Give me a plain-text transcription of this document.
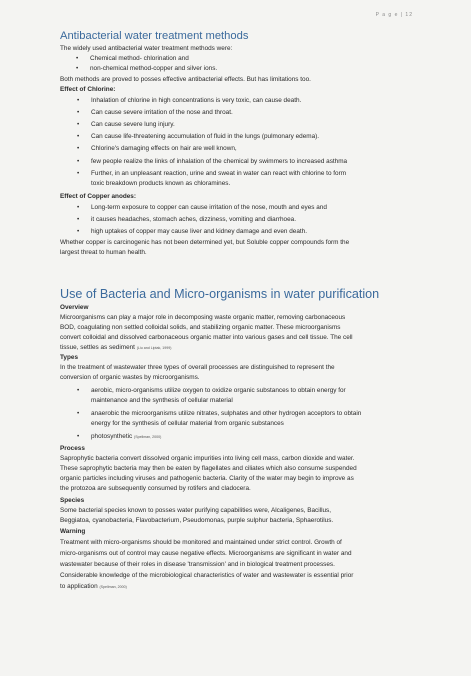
P a g e | 12
Antibacterial water treatment methods
The widely used antibacterial water treatment methods were:
• Chemical method- chlorination and
• non-chemical method-copper and silver ions.
Both methods are proved to posses effective antibacterial effects. But has limitations too.
Effect of Chlorine:
• Inhalation of chlorine in high concentrations is very toxic, can cause death.
• Can cause severe irritation of the nose and throat.
• Can cause severe lung injury.
• Can cause life-threatening accumulation of fluid in the lungs (pulmonary edema).
• Chlorine's damaging effects on hair are well known,
• few people realize the links of inhalation of the chemical by swimmers to increased asthma
• Further, in an unpleasant reaction, urine and sweat in water can react with chlorine to form
toxic breakdown products known as chloramines.
Effect of Copper anodes:
• Long-term exposure to copper can cause irritation of the nose, mouth and eyes and
• it causes headaches, stomach aches, dizziness, vomiting and diarrhoea.
• high uptakes of copper may cause liver and kidney damage and even death.
Whether copper is carcinogenic has not been determined yet, but Soluble copper compounds form the
largest threat to human health.
Use of Bacteria and Micro-organisms in water purification
Overview
Microorganisms can play a major role in decomposing waste organic matter, removing carbonaceous
BOD, coagulating non settled colloidal solids, and stabilizing organic matter. These microorganisms
convert colloidal and dissolved carbonaceous organic matter into various gases and cell tissue. The cell
tissue, settles as sediment (Liu and Liptak, 1999)
Types
In the treatment of wastewater three types of overall processes are distinguished to represent the
conversion of organic wastes by microorganisms.
• aerobic, micro-organisms utilize oxygen to oxidize organic substances to obtain energy for
maintenance and the synthesis of cellular material
• anaerobic the microorganisms utilize nitrates, sulphates and other hydrogen acceptors to obtain
energy for the synthesis of cellular material from organic substances
• photosynthetic (Spellman, 2000)
Process
Saprophytic bacteria convert dissolved organic impurities into living cell mass, carbon dioxide and water.
These saprophytic bacteria may then be eaten by flagellates and ciliates which also consume suspended
organic particles including viruses and pathogenic bacteria. Clarity of the water may begin to improve as
the protozoa are subsequently consumed by rotifers and cladocera.
Species
Some bacterial species known to posses water purifying capabilities were, Alcaligenes, Bacillus,
Beggiatoa, cyanobacteria, Flavobacterium, Pseudomonas, purple sulphur bacteria, Sphaerotilus.
Warning
Treatment with micro-organisms should be monitored and maintained under strict control. Growth of
micro-organisms out of control may cause negative effects. Microorganisms are significant in water and
wastewater because of their roles in disease 'transmission' and in biological treatment processes.
Considerable knowledge of the microbiological characteristics of water and wastewater is essential prior
to application (Spellman, 2000)
